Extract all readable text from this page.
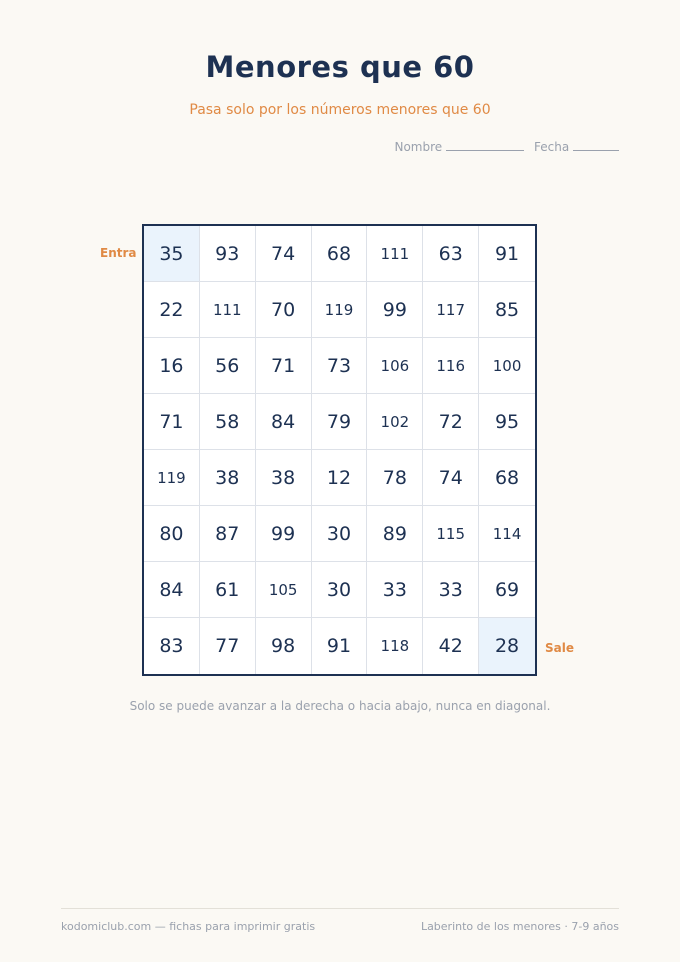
Menores que 60
Pasa solo por los números menores que 60
Nombre	Fecha
Entra
Sale
35	93	74	68	111	63	91
22	111	70	119	99	117	85
16	56	71	73	106	116	100
71	58	84	79	102	72	95
119	38	38	12	78	74	68
80	87	99	30	89	115	114
84	61	105	30	33	33	69
83	77	98	91	118	42	28
Solo se puede avanzar a la derecha o hacia abajo, nunca en diagonal.
kodomiclub.com — fichas para imprimir gratis	Laberinto de los menores · 7-9 años
